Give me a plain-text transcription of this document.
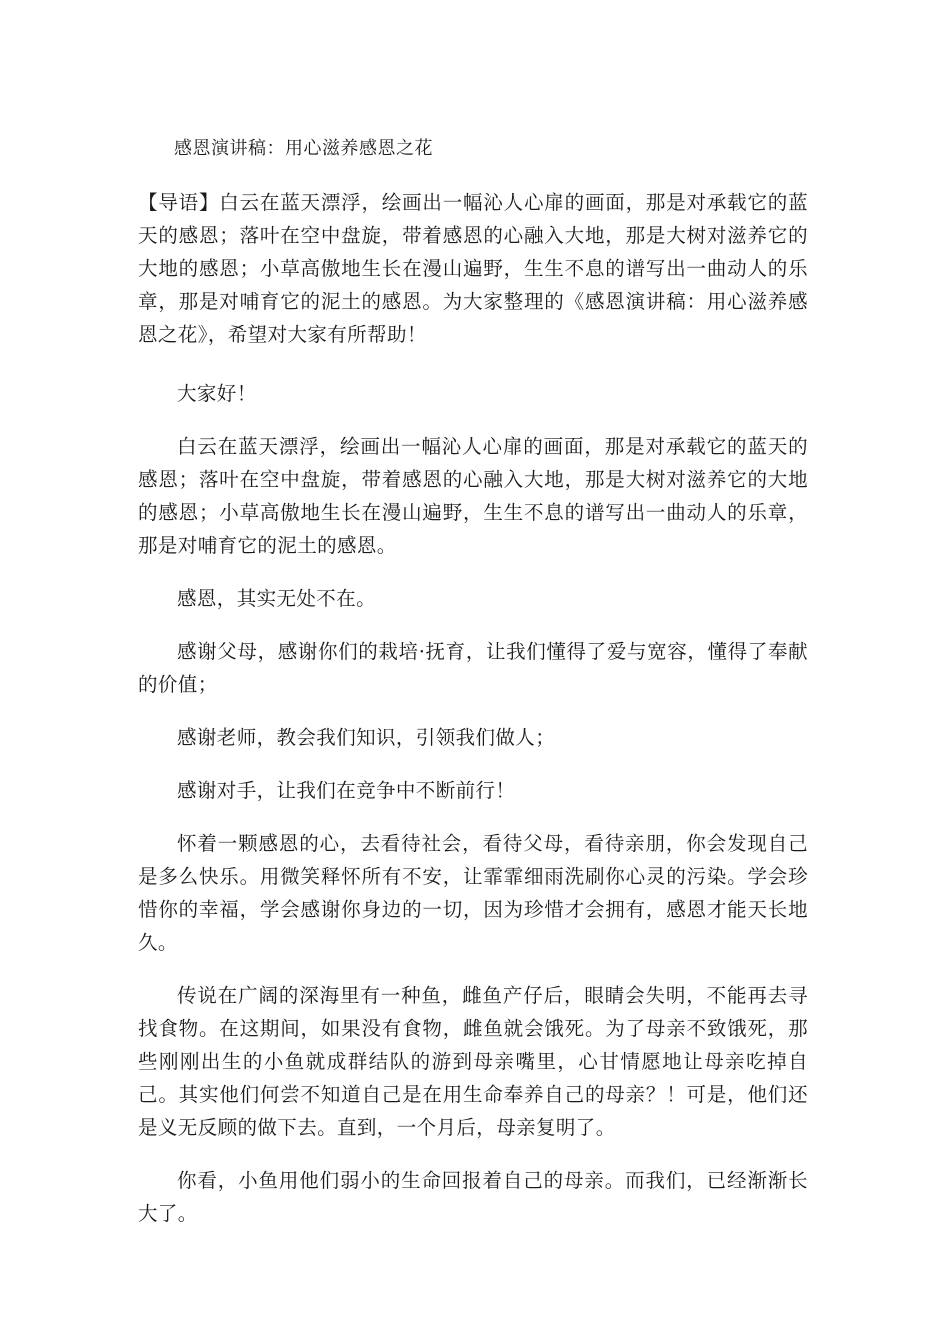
感恩演讲稿：用心滋养感恩之花

【导语】白云在蓝天漂浮，绘画出一幅沁人心扉的画面，那是对承载它的蓝天的感恩；落叶在空中盘旋，带着感恩的心融入大地，那是大树对滋养它的大地的感恩；小草高傲地生长在漫山遍野，生生不息的谱写出一曲动人的乐章，那是对哺育它的泥土的感恩。为大家整理的《感恩演讲稿：用心滋养感恩之花》，希望对大家有所帮助！

大家好！

白云在蓝天漂浮，绘画出一幅沁人心扉的画面，那是对承载它的蓝天的感恩；落叶在空中盘旋，带着感恩的心融入大地，那是大树对滋养它的大地的感恩；小草高傲地生长在漫山遍野，生生不息的谱写出一曲动人的乐章，那是对哺育它的泥土的感恩。

感恩，其实无处不在。

感谢父母，感谢你们的栽培·抚育，让我们懂得了爱与宽容，懂得了奉献的价值；

感谢老师，教会我们知识，引领我们做人；

感谢对手，让我们在竞争中不断前行！

怀着一颗感恩的心，去看待社会，看待父母，看待亲朋，你会发现自己是多么快乐。用微笑释怀所有不安，让霏霏细雨洗刷你心灵的污染。学会珍惜你的幸福，学会感谢你身边的一切，因为珍惜才会拥有，感恩才能天长地久。

传说在广阔的深海里有一种鱼，雌鱼产仔后，眼睛会失明，不能再去寻找食物。在这期间，如果没有食物，雌鱼就会饿死。为了母亲不致饿死，那些刚刚出生的小鱼就成群结队的游到母亲嘴里，心甘情愿地让母亲吃掉自己。其实他们何尝不知道自己是在用生命奉养自己的母亲？！可是，他们还是义无反顾的做下去。直到，一个月后，母亲复明了。

你看，小鱼用他们弱小的生命回报着自己的母亲。而我们，已经渐渐长大了。
